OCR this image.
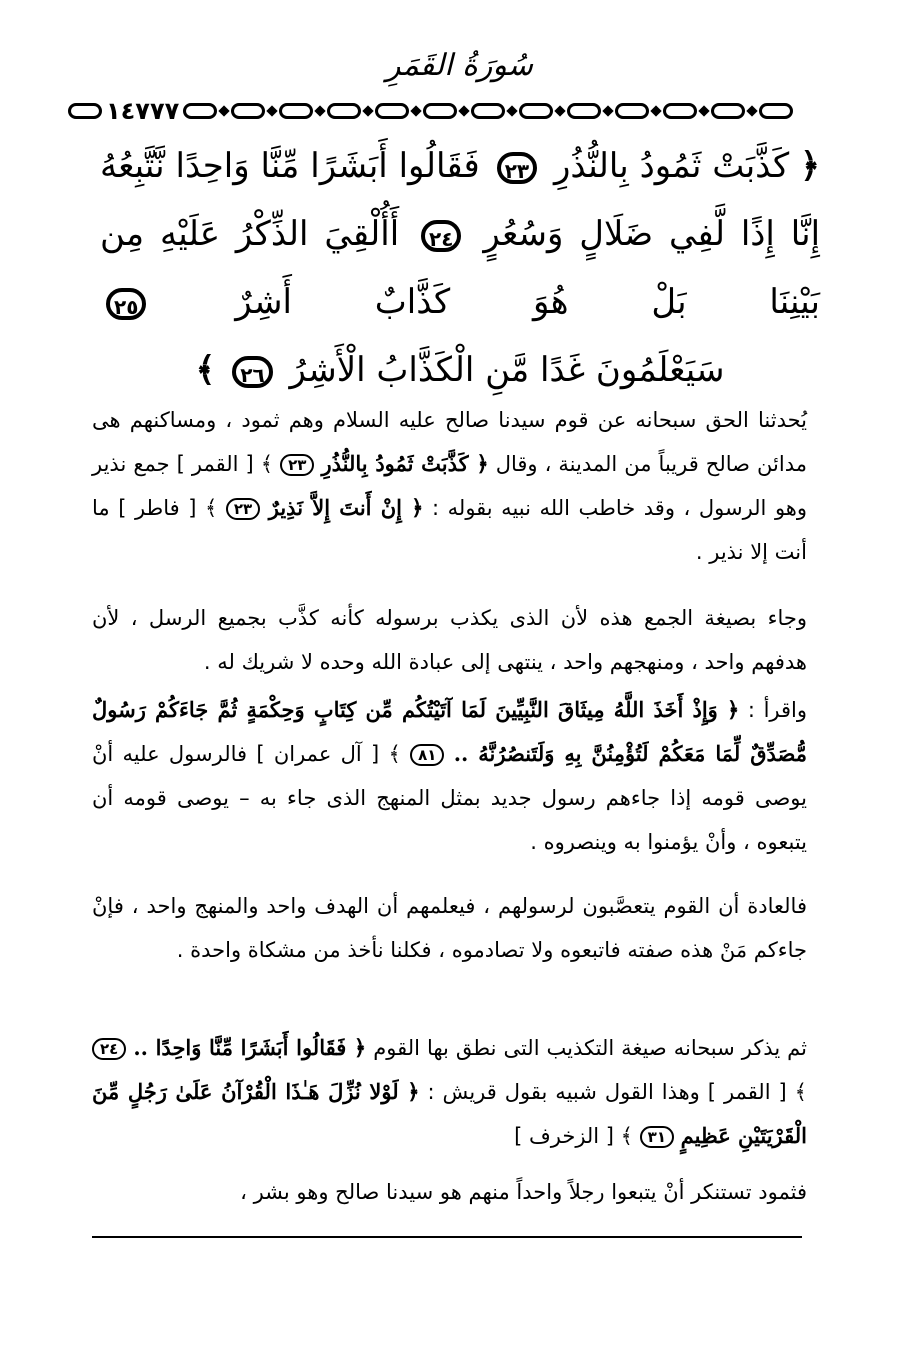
سُورَةُ القَمَرِ
١٤٧٧٧
﴿ كَذَّبَتْ ثَمُودُ بِالنُّذُرِ ٢٣ فَقَالُوا أَبَشَرًا مِّنَّا وَاحِدًا نَّتَّبِعُهُ إِنَّا إِذًا لَّفِي ضَلَالٍ وَسُعُرٍ ٢٤ أَأُلْقِيَ الذِّكْرُ عَلَيْهِ مِن بَيْنِنَا بَلْ هُوَ كَذَّابٌ أَشِرٌ ٢٥
سَيَعْلَمُونَ غَدًا مَّنِ الْكَذَّابُ الْأَشِرُ ٢٦ ﴾

يُحدثنا الحق سبحانه عن قوم سيدنا صالح عليه السلام وهم ثمود ، ومساكنهم هى مدائن صالح قريباً من المدينة ، وقال ﴿ كَذَّبَتْ ثَمُودُ بِالنُّذُرِ ٢٣ ﴾ [ القمر ] جمع نذير وهو الرسول ، وقد خاطب الله نبيه بقوله : ﴿ إِنْ أَنتَ إِلاَّ نَذِيرٌ ٢٣ ﴾ [ فاطر ] ما أنت إلا نذير .

وجاء بصيغة الجمع هذه لأن الذى يكذب برسوله كأنه كذَّب بجميع الرسل ، لأن هدفهم واحد ، ومنهجهم واحد ، ينتهى إلى عبادة الله وحده لا شريك له .

واقرأ : ﴿ وَإِذْ أَخَذَ اللَّهُ مِيثَاقَ النَّبِيِّينَ لَمَا آتَيْتُكُم مِّن كِتَابٍ وَحِكْمَةٍ ثُمَّ جَاءَكُمْ رَسُولٌ مُّصَدِّقٌ لِّمَا مَعَكُمْ لَتُؤْمِنُنَّ بِهِ وَلَتَنصُرُنَّهُ .. ٨١ ﴾ [ آل عمران ] فالرسول عليه أنْ يوصى قومه إذا جاءهم رسول جديد بمثل المنهج الذى جاء به – يوصى قومه أن يتبعوه ، وأنْ يؤمنوا به وينصروه .

فالعادة أن القوم يتعصَّبون لرسولهم ، فيعلمهم أن الهدف واحد والمنهج واحد ، فإنْ جاءكم مَنْ هذه صفته فاتبعوه ولا تصادموه ، فكلنا نأخذ من مشكاة واحدة .

ثم يذكر سبحانه صيغة التكذيب التى نطق بها القوم ﴿ فَقَالُوا أَبَشَرًا مِّنَّا وَاحِدًا .. ٢٤ ﴾ [ القمر ] وهذا القول شبيه بقول قريش : ﴿ لَوْلا نُزِّلَ هَـٰذَا الْقُرْآنُ عَلَىٰ رَجُلٍ مِّنَ الْقَرْيَتَيْنِ عَظِيمٍ ٣١ ﴾ [ الزخرف ]

فثمود تستنكر أنْ يتبعوا رجلاً واحداً منهم هو سيدنا صالح وهو بشر ،
